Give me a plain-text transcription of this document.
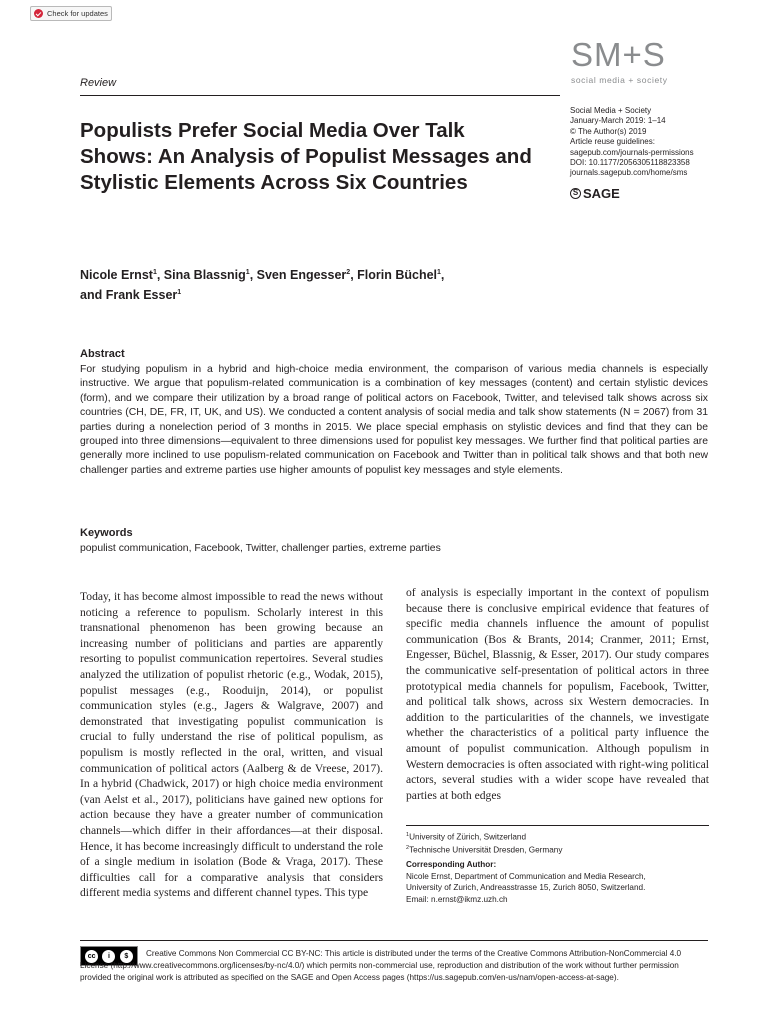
Check for updates
SM+S
social media + society
Review
Social Media + Society
January-March 2019: 1–14
© The Author(s) 2019
Article reuse guidelines:
sagepub.com/journals-permissions
DOI: 10.1177/2056305118823358
journals.sagepub.com/home/sms
S SAGE
Populists Prefer Social Media Over Talk Shows: An Analysis of Populist Messages and Stylistic Elements Across Six Countries
Nicole Ernst$^1$, Sina Blassnig$^1$, Sven Engesser$^2$, Florin Büchel$^1$,
and Frank Esser$^1$
Abstract
For studying populism in a hybrid and high-choice media environment, the comparison of various media channels is especially instructive. We argue that populism-related communication is a combination of key messages (content) and certain stylistic devices (form), and we compare their utilization by a broad range of political actors on Facebook, Twitter, and televised talk shows across six countries (CH, DE, FR, IT, UK, and US). We conducted a content analysis of social media and talk show statements (N = 2067) from 31 parties during a nonelection period of 3 months in 2015. We place special emphasis on stylistic devices and find that they can be grouped into three dimensions—equivalent to three dimensions used for populist key messages. We further find that political parties are generally more inclined to use populism-related communication on Facebook and Twitter than in political talk shows and that both new challenger parties and extreme parties use higher amounts of populist key messages and style elements.
Keywords
populist communication, Facebook, Twitter, challenger parties, extreme parties
Today, it has become almost impossible to read the news without noticing a reference to populism. Scholarly interest in this transnational phenomenon has been growing because an increasing number of politicians and parties are apparently resorting to populist communication repertoires. Several studies analyzed the utilization of populist rhetoric (e.g., Wodak, 2015), populist messages (e.g., Rooduijn, 2014), or populist communication styles (e.g., Jagers & Walgrave, 2007) and demonstrated that investigating populist communication is crucial to fully understand the rise of political populism, as populism is mostly reflected in the oral, written, and visual communication of political actors (Aalberg & de Vreese, 2017). In a hybrid (Chadwick, 2017) or high choice media environment (van Aelst et al., 2017), politicians have gained new options for action because they have a greater number of communication channels—which differ in their affordances—at their disposal. Hence, it has become increasingly difficult to understand the role of a single medium in isolation (Bode & Vraga, 2017). These difficulties call for a comparative analysis that considers different media systems and different channel types. This type
of analysis is especially important in the context of populism because there is conclusive empirical evidence that features of specific media channels influence the amount of populist communication (Bos & Brants, 2014; Cranmer, 2011; Ernst, Engesser, Büchel, Blassnig, & Esser, 2017). Our study compares the communicative self-presentation of political actors in three prototypical media channels for populism, Facebook, Twitter, and political talk shows, across six Western democracies. In addition to the particularities of the channels, we investigate whether the characteristics of a political party influence the amount of populist communication. Although populism in Western democracies is often associated with right-wing political actors, several studies with a wider scope have revealed that parties at both edges
$^1$University of Zürich, Switzerland
$^2$Technische Universität Dresden, Germany
Corresponding Author:
Nicole Ernst, Department of Communication and Media Research,
University of Zurich, Andreasstrasse 15, Zurich 8050, Switzerland.
Email: n.ernst@ikmz.uzh.ch
cc	i	$	Creative Commons Non Commercial CC BY-NC: This article is distributed under the terms of the Creative Commons Attribution-NonCommercial 4.0 License (http://www.creativecommons.org/licenses/by-nc/4.0/) which permits non-commercial use, reproduction and distribution of the work without further permission provided the original work is attributed as specified on the SAGE and Open Access pages (https://us.sagepub.com/en-us/nam/open-access-at-sage).
